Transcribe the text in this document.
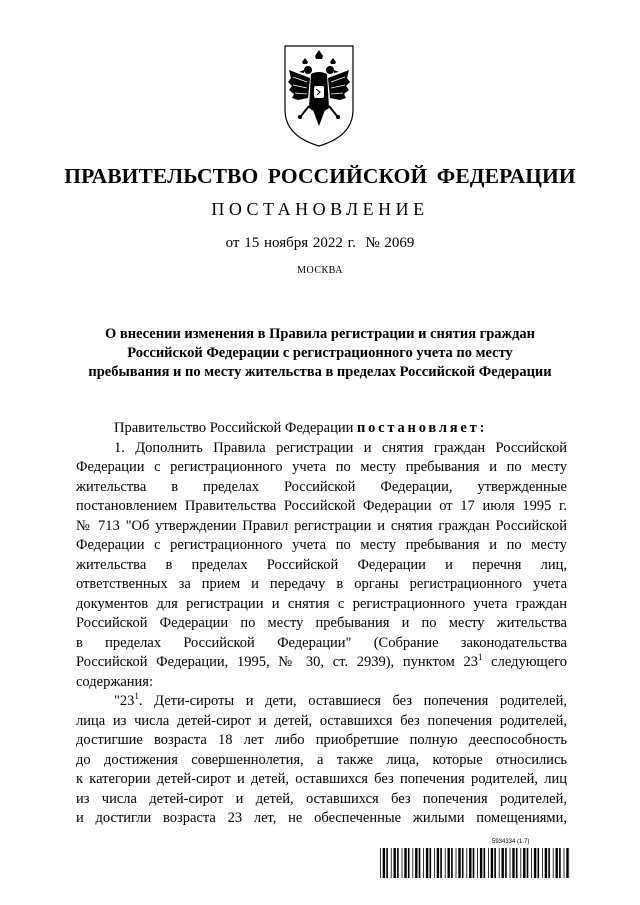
ПРАВИТЕЛЬСТВО РОССИЙСКОЙ ФЕДЕРАЦИИ
ПОСТАНОВЛЕНИЕ
от 15 ноября 2022 г. № 2069
МОСКВА
О внесении изменения в Правила регистрации и снятия граждан
Российской Федерации с регистрационного учета по месту
пребывания и по месту жительства в пределах Российской Федерации
Правительство Российской Федерации постановляет:
1. Дополнить Правила регистрации и снятия граждан Российской
Федерации с регистрационного учета по месту пребывания и по месту
жительства в пределах Российской Федерации, утвержденные
постановлением Правительства Российской Федерации от 17 июля 1995 г.
№ 713 "Об утверждении Правил регистрации и снятия граждан Российской
Федерации с регистрационного учета по месту пребывания и по месту
жительства в пределах Российской Федерации и перечня лиц,
ответственных за прием и передачу в органы регистрационного учета
документов для регистрации и снятия с регистрационного учета граждан
Российской Федерации по месту пребывания и по месту жительства
в пределах Российской Федерации" (Собрание законодательства
Российской Федерации, 1995, № 30, ст. 2939), пунктом $23^1$ следующего
содержания:
"$23^1$. Дети-сироты и дети, оставшиеся без попечения родителей,
лица из числа детей-сирот и детей, оставшихся без попечения родителей,
достигшие возраста 18 лет либо приобретшие полную дееспособность
до достижения совершеннолетия, а также лица, которые относились
к категории детей-сирот и детей, оставшихся без попечения родителей, лиц
из числа детей-сирот и детей, оставшихся без попечения родителей,
и достигли возраста 23 лет, не обеспеченные жилыми помещениями,
5934334 (1.7)
